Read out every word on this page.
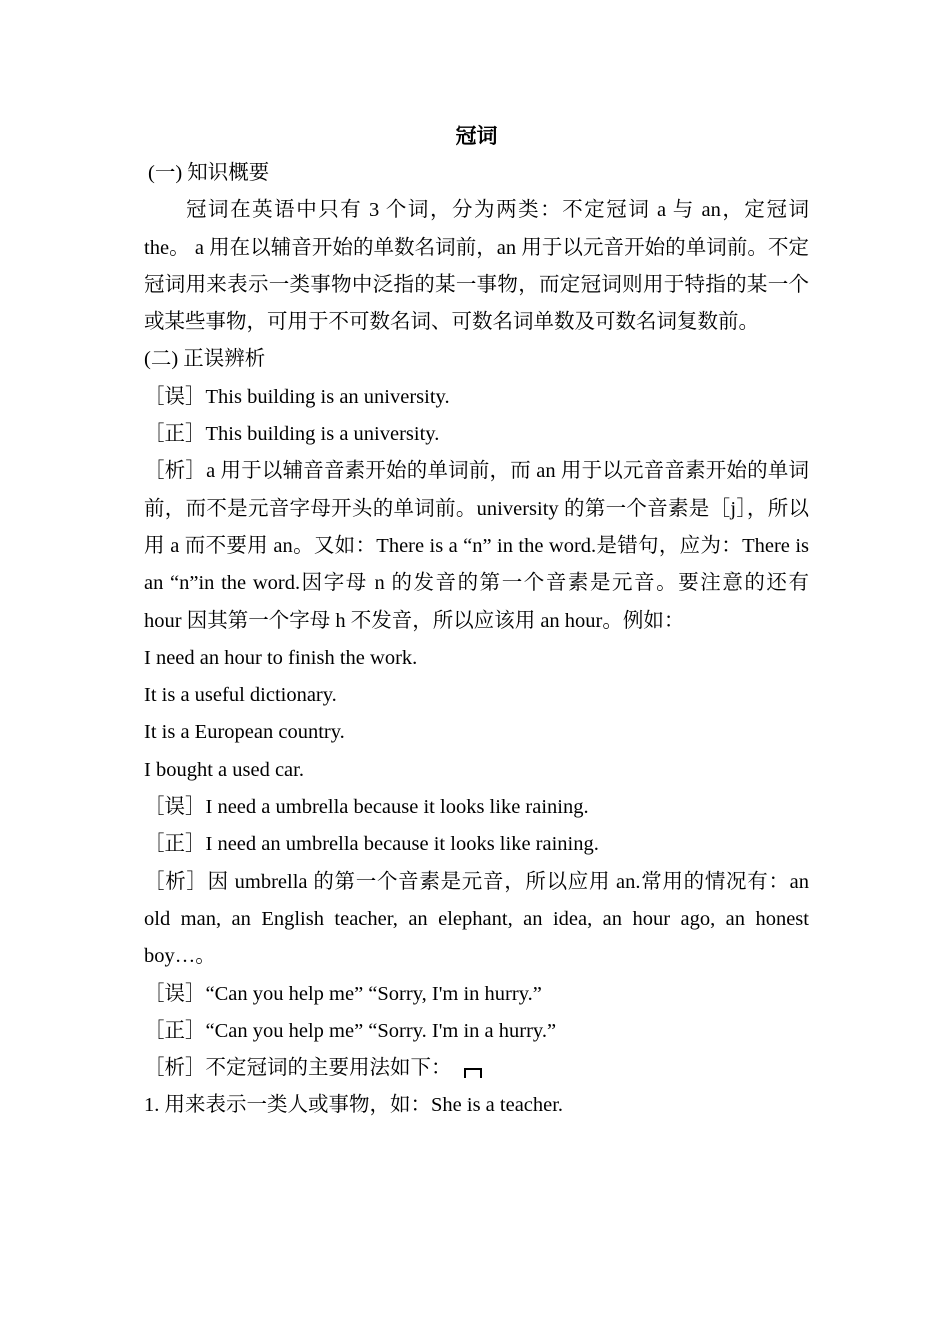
冠词

(一) 知识概要

冠词在英语中只有 3 个词，分为两类：不定冠词 a 与 an，定冠词 the。 a 用在以辅音开始的单数名词前，an 用于以元音开始的单词前。不定冠词用来表示一类事物中泛指的某一事物，而定冠词则用于特指的某一个或某些事物，可用于不可数名词、可数名词单数及可数名词复数前。

(二) 正误辨析

［误］This building is an university.

［正］This building is a university.

［析］a 用于以辅音音素开始的单词前，而 an 用于以元音音素开始的单词前，而不是元音字母开头的单词前。university 的第一个音素是［j］，所以用 a 而不要用 an。又如：There is a “n” in the word.是错句，应为：There is an “n”in the word.因字母 n 的发音的第一个音素是元音。要注意的还有 hour 因其第一个字母 h 不发音，所以应该用 an hour。例如：

I need an hour to finish the work.

It is a useful dictionary.

It is a European country.

I bought a used car.

［误］I need a umbrella because it looks like raining.

［正］I need an umbrella because it looks like raining.

［析］因 umbrella 的第一个音素是元音，所以应用 an.常用的情况有：an old man, an English teacher, an elephant, an idea, an hour ago, an honest boy…。

［误］“Can you help me” “Sorry, I'm in hurry.”

［正］“Can you help me” “Sorry. I'm in a hurry.”

［析］不定冠词的主要用法如下：

1. 用来表示一类人或事物，如：She is a teacher.
